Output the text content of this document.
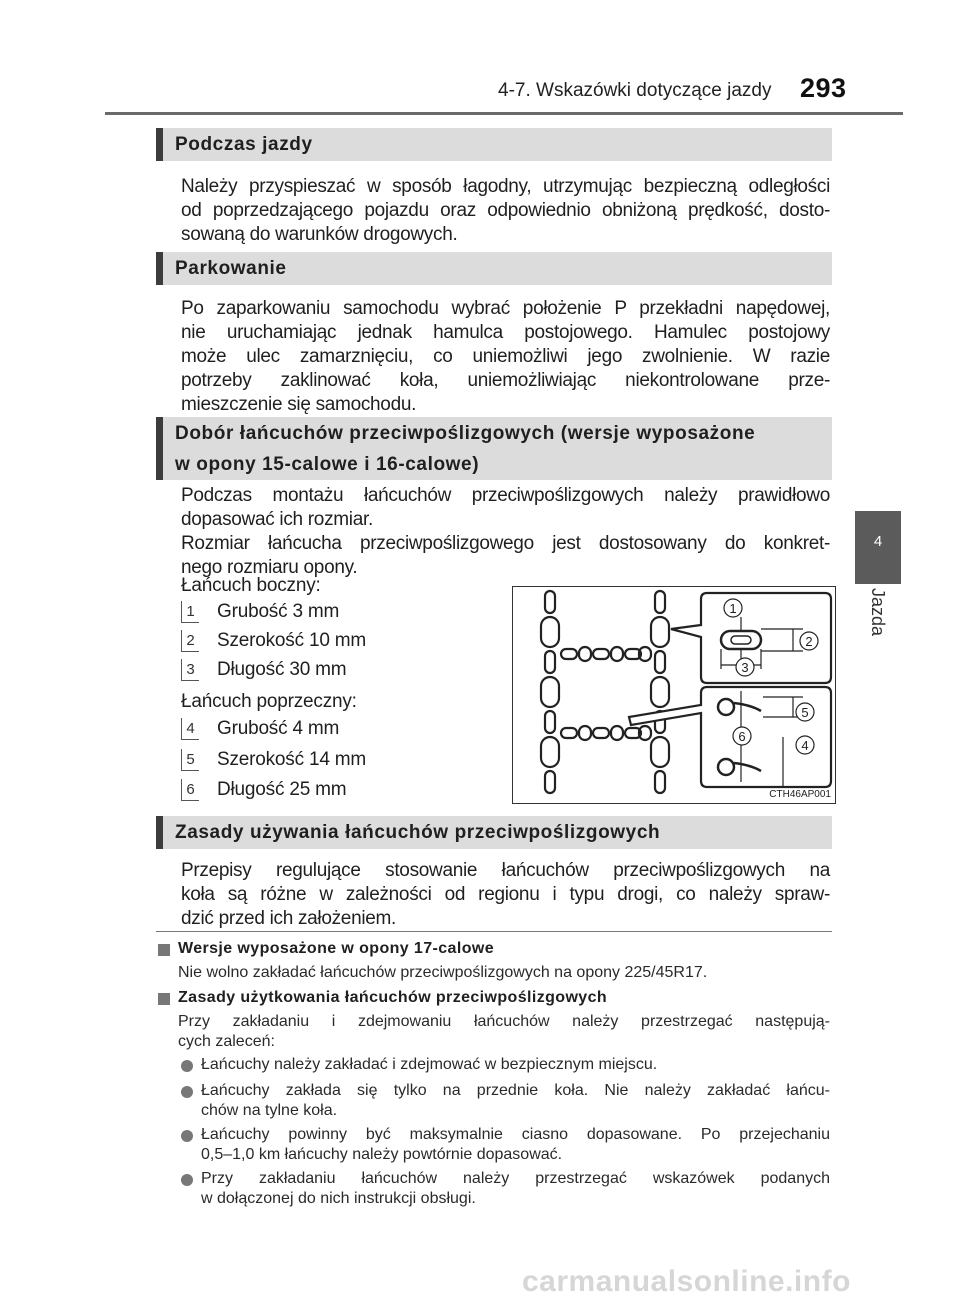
4-7. Wskazówki dotyczące jazdy 293
4
Jazda
Podczas jazdy
Należy przyspieszać w sposób łagodny, utrzymując bezpieczną odległości
od poprzedzającego pojazdu oraz odpowiednio obniżoną prędkość, dosto-
sowaną do warunków drogowych.
Parkowanie
Po zaparkowaniu samochodu wybrać położenie P przekładni napędowej,
nie uruchamiając jednak hamulca postojowego. Hamulec postojowy
może ulec zamarznięciu, co uniemożliwi jego zwolnienie. W razie
potrzeby zaklinować koła, uniemożliwiając niekontrolowane prze-
mieszczenie się samochodu.
Dobór łańcuchów przeciwpoślizgowych (wersje wyposażone
w opony 15-calowe i 16-calowe)
Podczas montażu łańcuchów przeciwpoślizgowych należy prawidłowo
dopasować ich rozmiar.
Rozmiar łańcucha przeciwpoślizgowego jest dostosowany do konkret-
nego rozmiaru opony.
Łańcuch boczny:
1 Grubość 3 mm
2 Szerokość 10 mm
3 Długość 30 mm
Łańcuch poprzeczny:
4 Grubość 4 mm
5 Szerokość 14 mm
6 Długość 25 mm
1
2
3
5
6
4
CTH46AP001
Zasady używania łańcuchów przeciwpoślizgowych
Przepisy regulujące stosowanie łańcuchów przeciwpoślizgowych na
koła są różne w zależności od regionu i typu drogi, co należy spraw-
dzić przed ich założeniem.
Wersje wyposażone w opony 17-calowe
Nie wolno zakładać łańcuchów przeciwpoślizgowych na opony 225/45R17.
Zasady użytkowania łańcuchów przeciwpoślizgowych
Przy zakładaniu i zdejmowaniu łańcuchów należy przestrzegać następują-
cych zaleceń:
Łańcuchy należy zakładać i zdejmować w bezpiecznym miejscu.
Łańcuchy zakłada się tylko na przednie koła. Nie należy zakładać łańcu-
chów na tylne koła.
Łańcuchy powinny być maksymalnie ciasno dopasowane. Po przejechaniu
0,5–1,0 km łańcuchy należy powtórnie dopasować.
Przy zakładaniu łańcuchów należy przestrzegać wskazówek podanych
w dołączonej do nich instrukcji obsługi.
carmanualsonline.info
